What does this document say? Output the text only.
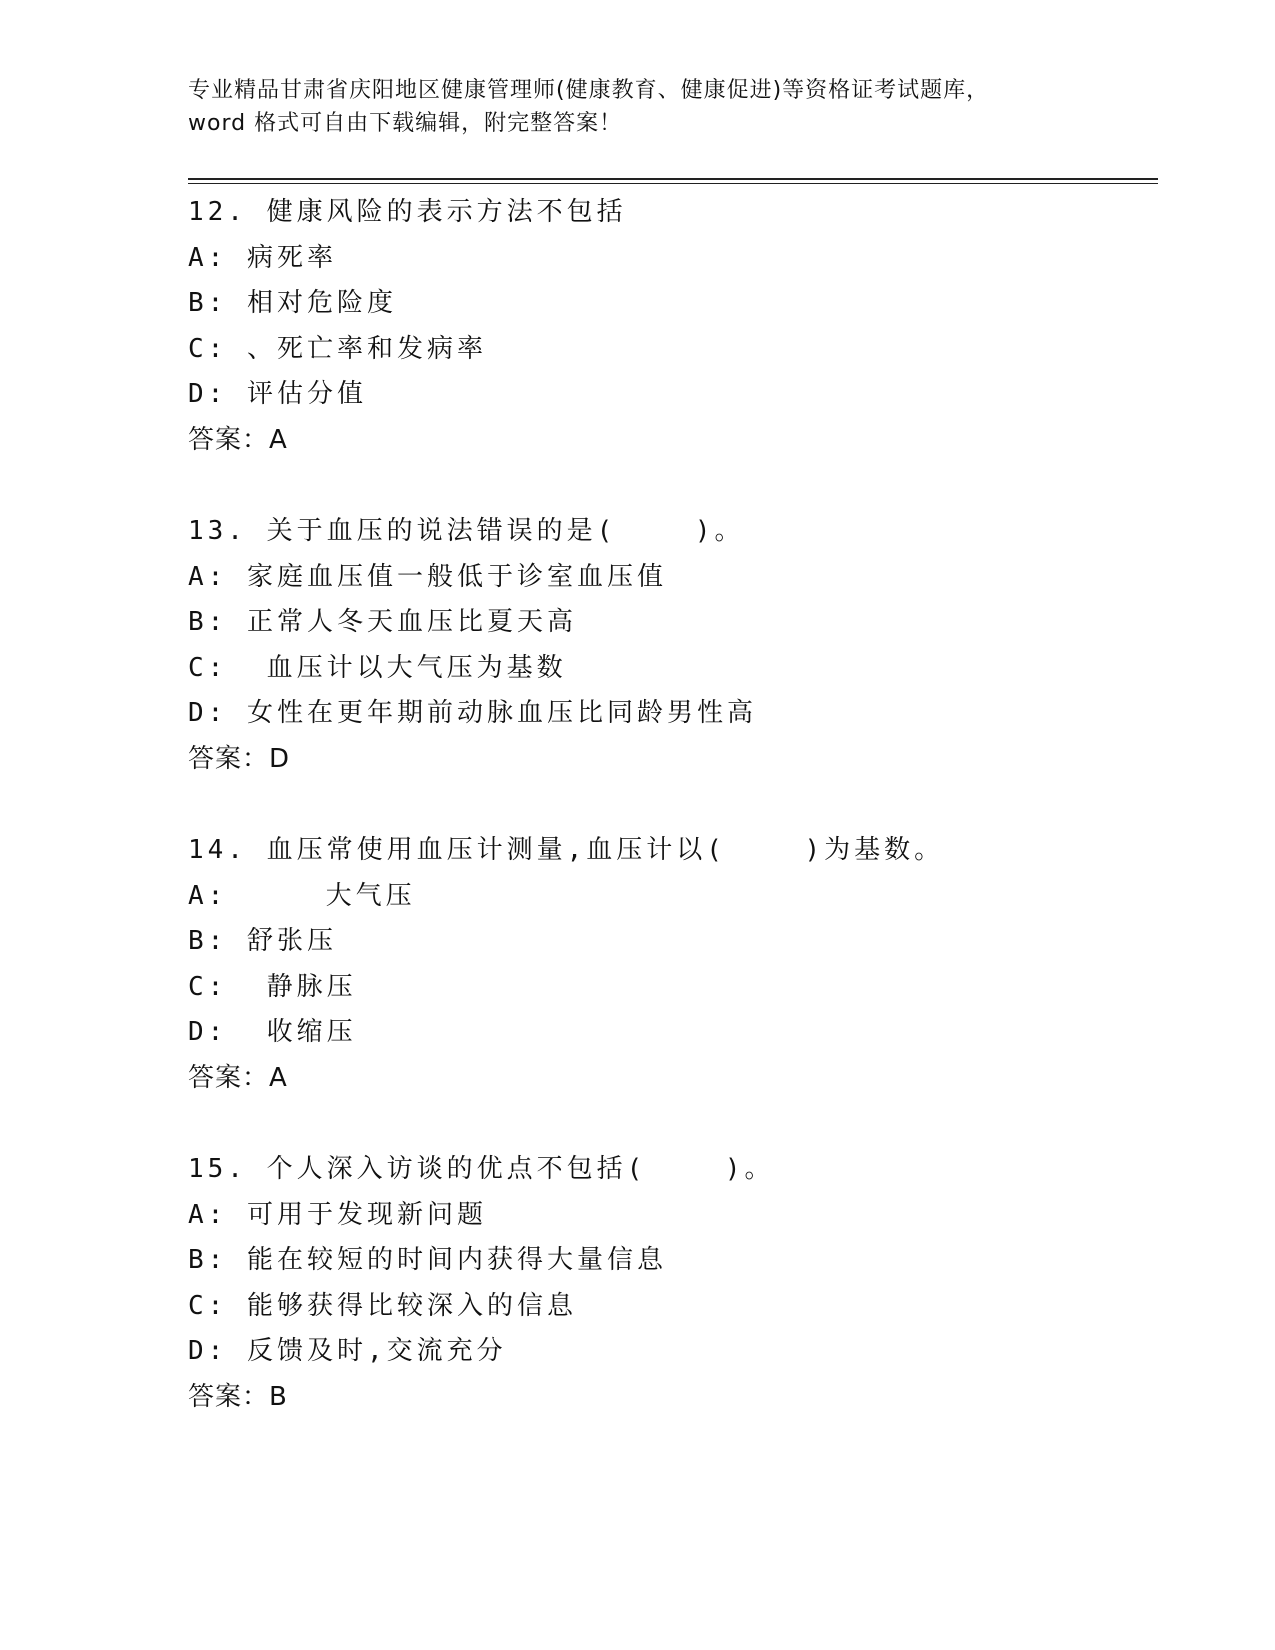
专业精品甘肃省庆阳地区健康管理师(健康教育、健康促进)等资格证考试题库，
word 格式可自由下载编辑，附完整答案！
12. 健康风险的表示方法不包括
A: 病死率
B: 相对危险度
C: 、死亡率和发病率
D: 评估分值
答案：A
13. 关于血压的说法错误的是(    )。
A: 家庭血压值一般低于诊室血压值
B: 正常人冬天血压比夏天高
C:  血压计以大气压为基数
D: 女性在更年期前动脉血压比同龄男性高
答案：D
14. 血压常使用血压计测量,血压计以(    )为基数。
A:     大气压
B: 舒张压
C:  静脉压
D:  收缩压
答案：A
15. 个人深入访谈的优点不包括(    )。
A: 可用于发现新问题
B: 能在较短的时间内获得大量信息
C: 能够获得比较深入的信息
D: 反馈及时,交流充分
答案：B
